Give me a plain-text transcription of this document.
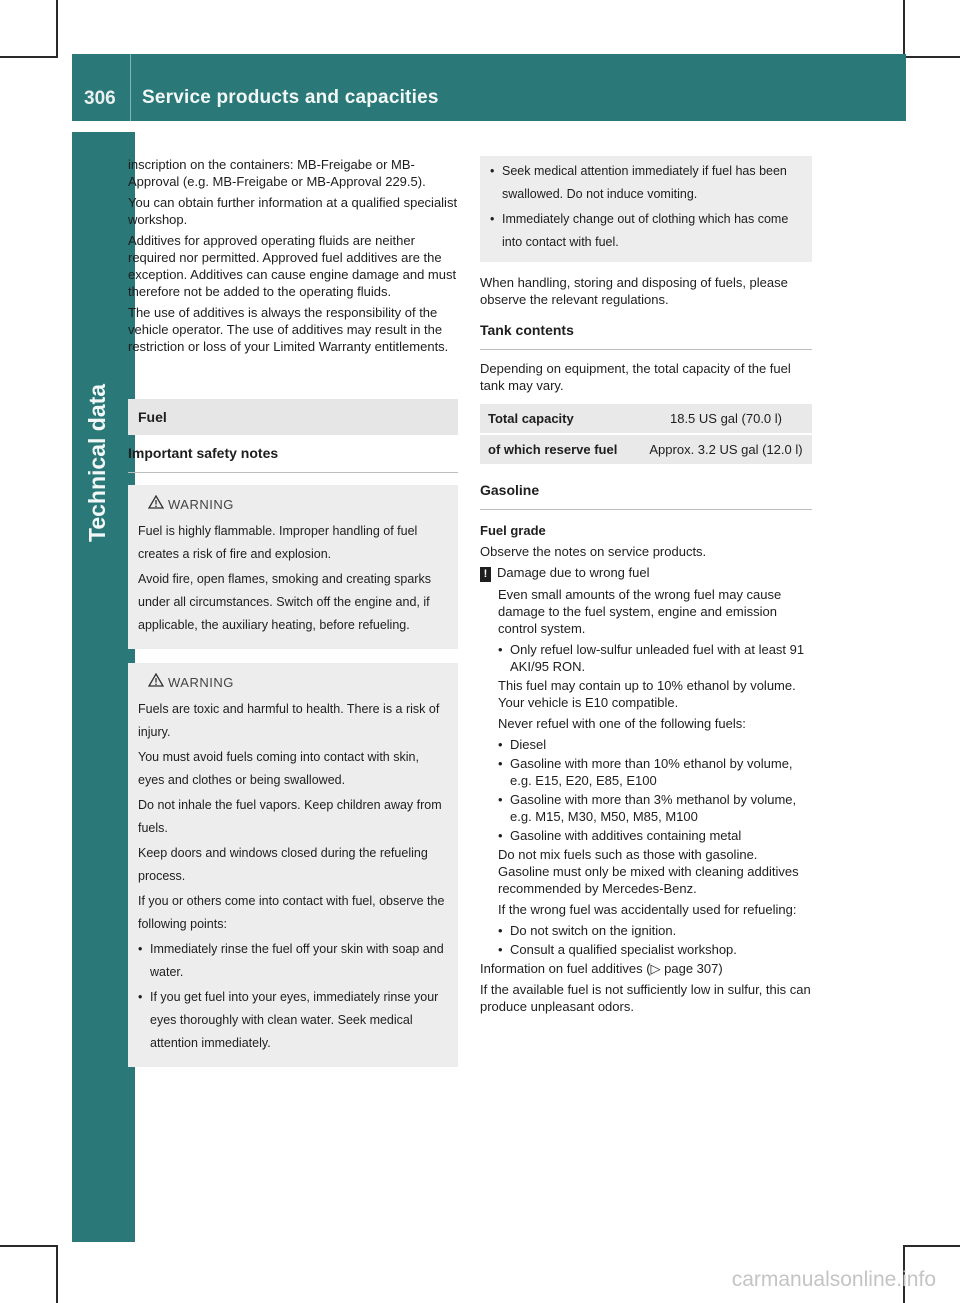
306 Service products and capacities
Technical data

inscription on the containers: MB-Freigabe or MB-Approval (e.g. MB-Freigabe or MB-Approval 229.5).

You can obtain further information at a qualified specialist workshop.

Additives for approved operating fluids are neither required nor permitted. Approved fuel additives are the exception. Additives can cause engine damage and must therefore not be added to the operating fluids.

The use of additives is always the responsibility of the vehicle operator. The use of additives may result in the restriction or loss of your Limited Warranty entitlements.

Fuel
Important safety notes
WARNING

Fuel is highly flammable. Improper handling of fuel creates a risk of fire and explosion.

Avoid fire, open flames, smoking and creating sparks under all circumstances. Switch off the engine and, if applicable, the auxiliary heating, before refueling.

WARNING

Fuels are toxic and harmful to health. There is a risk of injury.

You must avoid fuels coming into contact with skin, eyes and clothes or being swallowed.

Do not inhale the fuel vapors. Keep children away from fuels.

Keep doors and windows closed during the refueling process.

If you or others come into contact with fuel, observe the following points:

• Immediately rinse the fuel off your skin with soap and water.

• If you get fuel into your eyes, immediately rinse your eyes thoroughly with clean water. Seek medical attention immediately.

• Seek medical attention immediately if fuel has been swallowed. Do not induce vomiting.

• Immediately change out of clothing which has come into contact with fuel.

When handling, storing and disposing of fuels, please observe the relevant regulations.

Tank contents

Depending on equipment, the total capacity of the fuel tank may vary.

Total capacity	18.5 US gal (70.0 l)
of which reserve fuel	Approx. 3.2 US gal (12.0 l)
Gasoline

Fuel grade

Observe the notes on service products.

! Damage due to wrong fuel

Even small amounts of the wrong fuel may cause damage to the fuel system, engine and emission control system.

• Only refuel low-sulfur unleaded fuel with at least 91 AKI/95 RON.

This fuel may contain up to 10% ethanol by volume. Your vehicle is E10 compatible.

Never refuel with one of the following fuels:

• Diesel

• Gasoline with more than 10% ethanol by volume, e.g. E15, E20, E85, E100

• Gasoline with more than 3% methanol by volume, e.g. M15, M30, M50, M85, M100

• Gasoline with additives containing metal

Do not mix fuels such as those with gasoline. Gasoline must only be mixed with cleaning additives recommended by Mercedes-Benz.

If the wrong fuel was accidentally used for refueling:

• Do not switch on the ignition.

• Consult a qualified specialist workshop.

Information on fuel additives (▷ page 307)

If the available fuel is not sufficiently low in sulfur, this can produce unpleasant odors.

carmanualsonline.info
